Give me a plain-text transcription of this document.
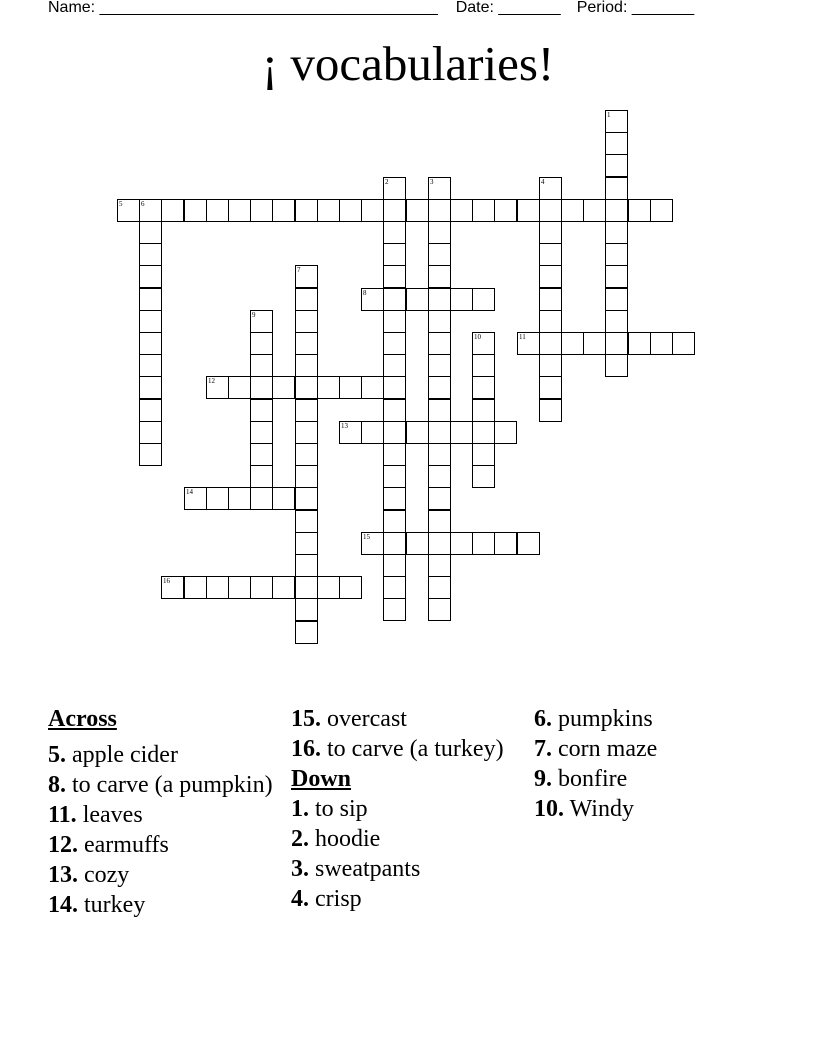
Name: ______________________________________ Date: _______ Period: _______
¡ vocabularies!
1
2	3	4
5	6
7
8
9
10	11
12
13
14
15
16
Across
5. apple cider
8. to carve (a pumpkin)
11. leaves
12. earmuffs
13. cozy
14. turkey
15. overcast
16. to carve (a turkey)
Down
1. to sip
2. hoodie
3. sweatpants
4. crisp
6. pumpkins
7. corn maze
9. bonfire
10. Windy
